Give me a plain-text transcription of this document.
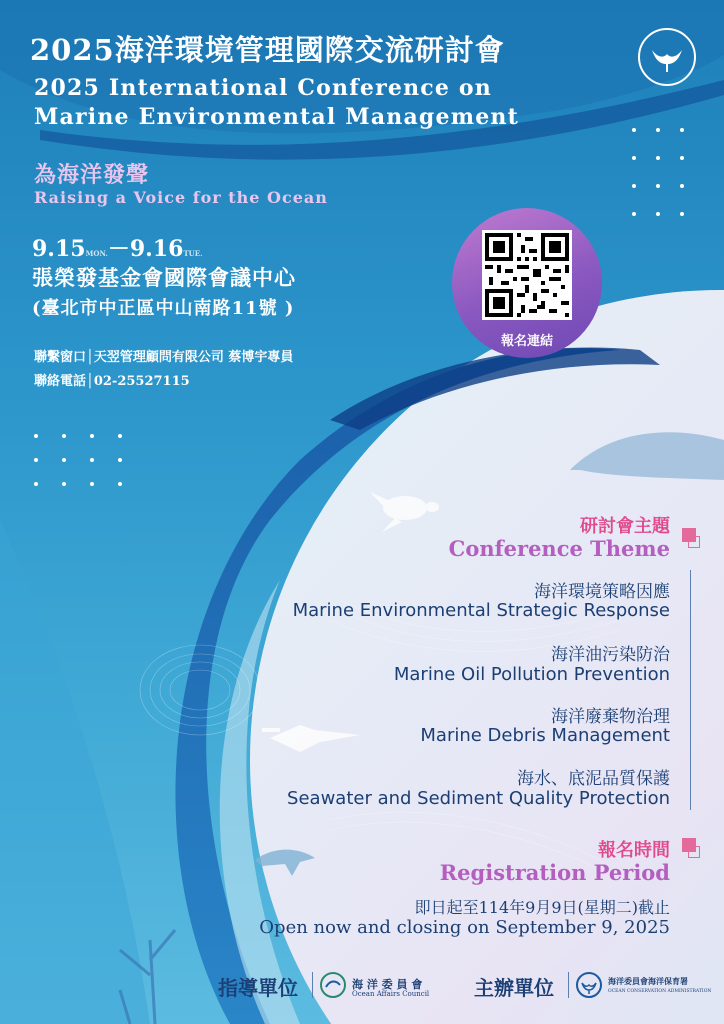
2025海洋環境管理國際交流研討會
2025 International Conference on
Marine Environmental Management
為海洋發聲
Raising a Voice for the Ocean
9.15MON.－9.16TUE.
張榮發基金會國際會議中心
(臺北市中正區中山南路11號 )
聯繫窗口│天翌管理顧問有限公司 蔡博宇專員
聯絡電話│02-25527115
報名連結
研討會主題
Conference Theme
海洋環境策略因應
Marine Environmental Strategic Response
海洋油污染防治
Marine Oil Pollution Prevention
海洋廢棄物治理
Marine Debris Management
海水、底泥品質保護
Seawater and Sediment Quality Protection
報名時間
Registration Period
即日起至114年9月9日(星期二)截止
Open now and closing on September 9, 2025
指導單位	海 洋 委 員 會
Ocean Affairs Council 主辦單位	海洋委員會海洋保育署
OCEAN CONSERVATION ADMINISTRATION
